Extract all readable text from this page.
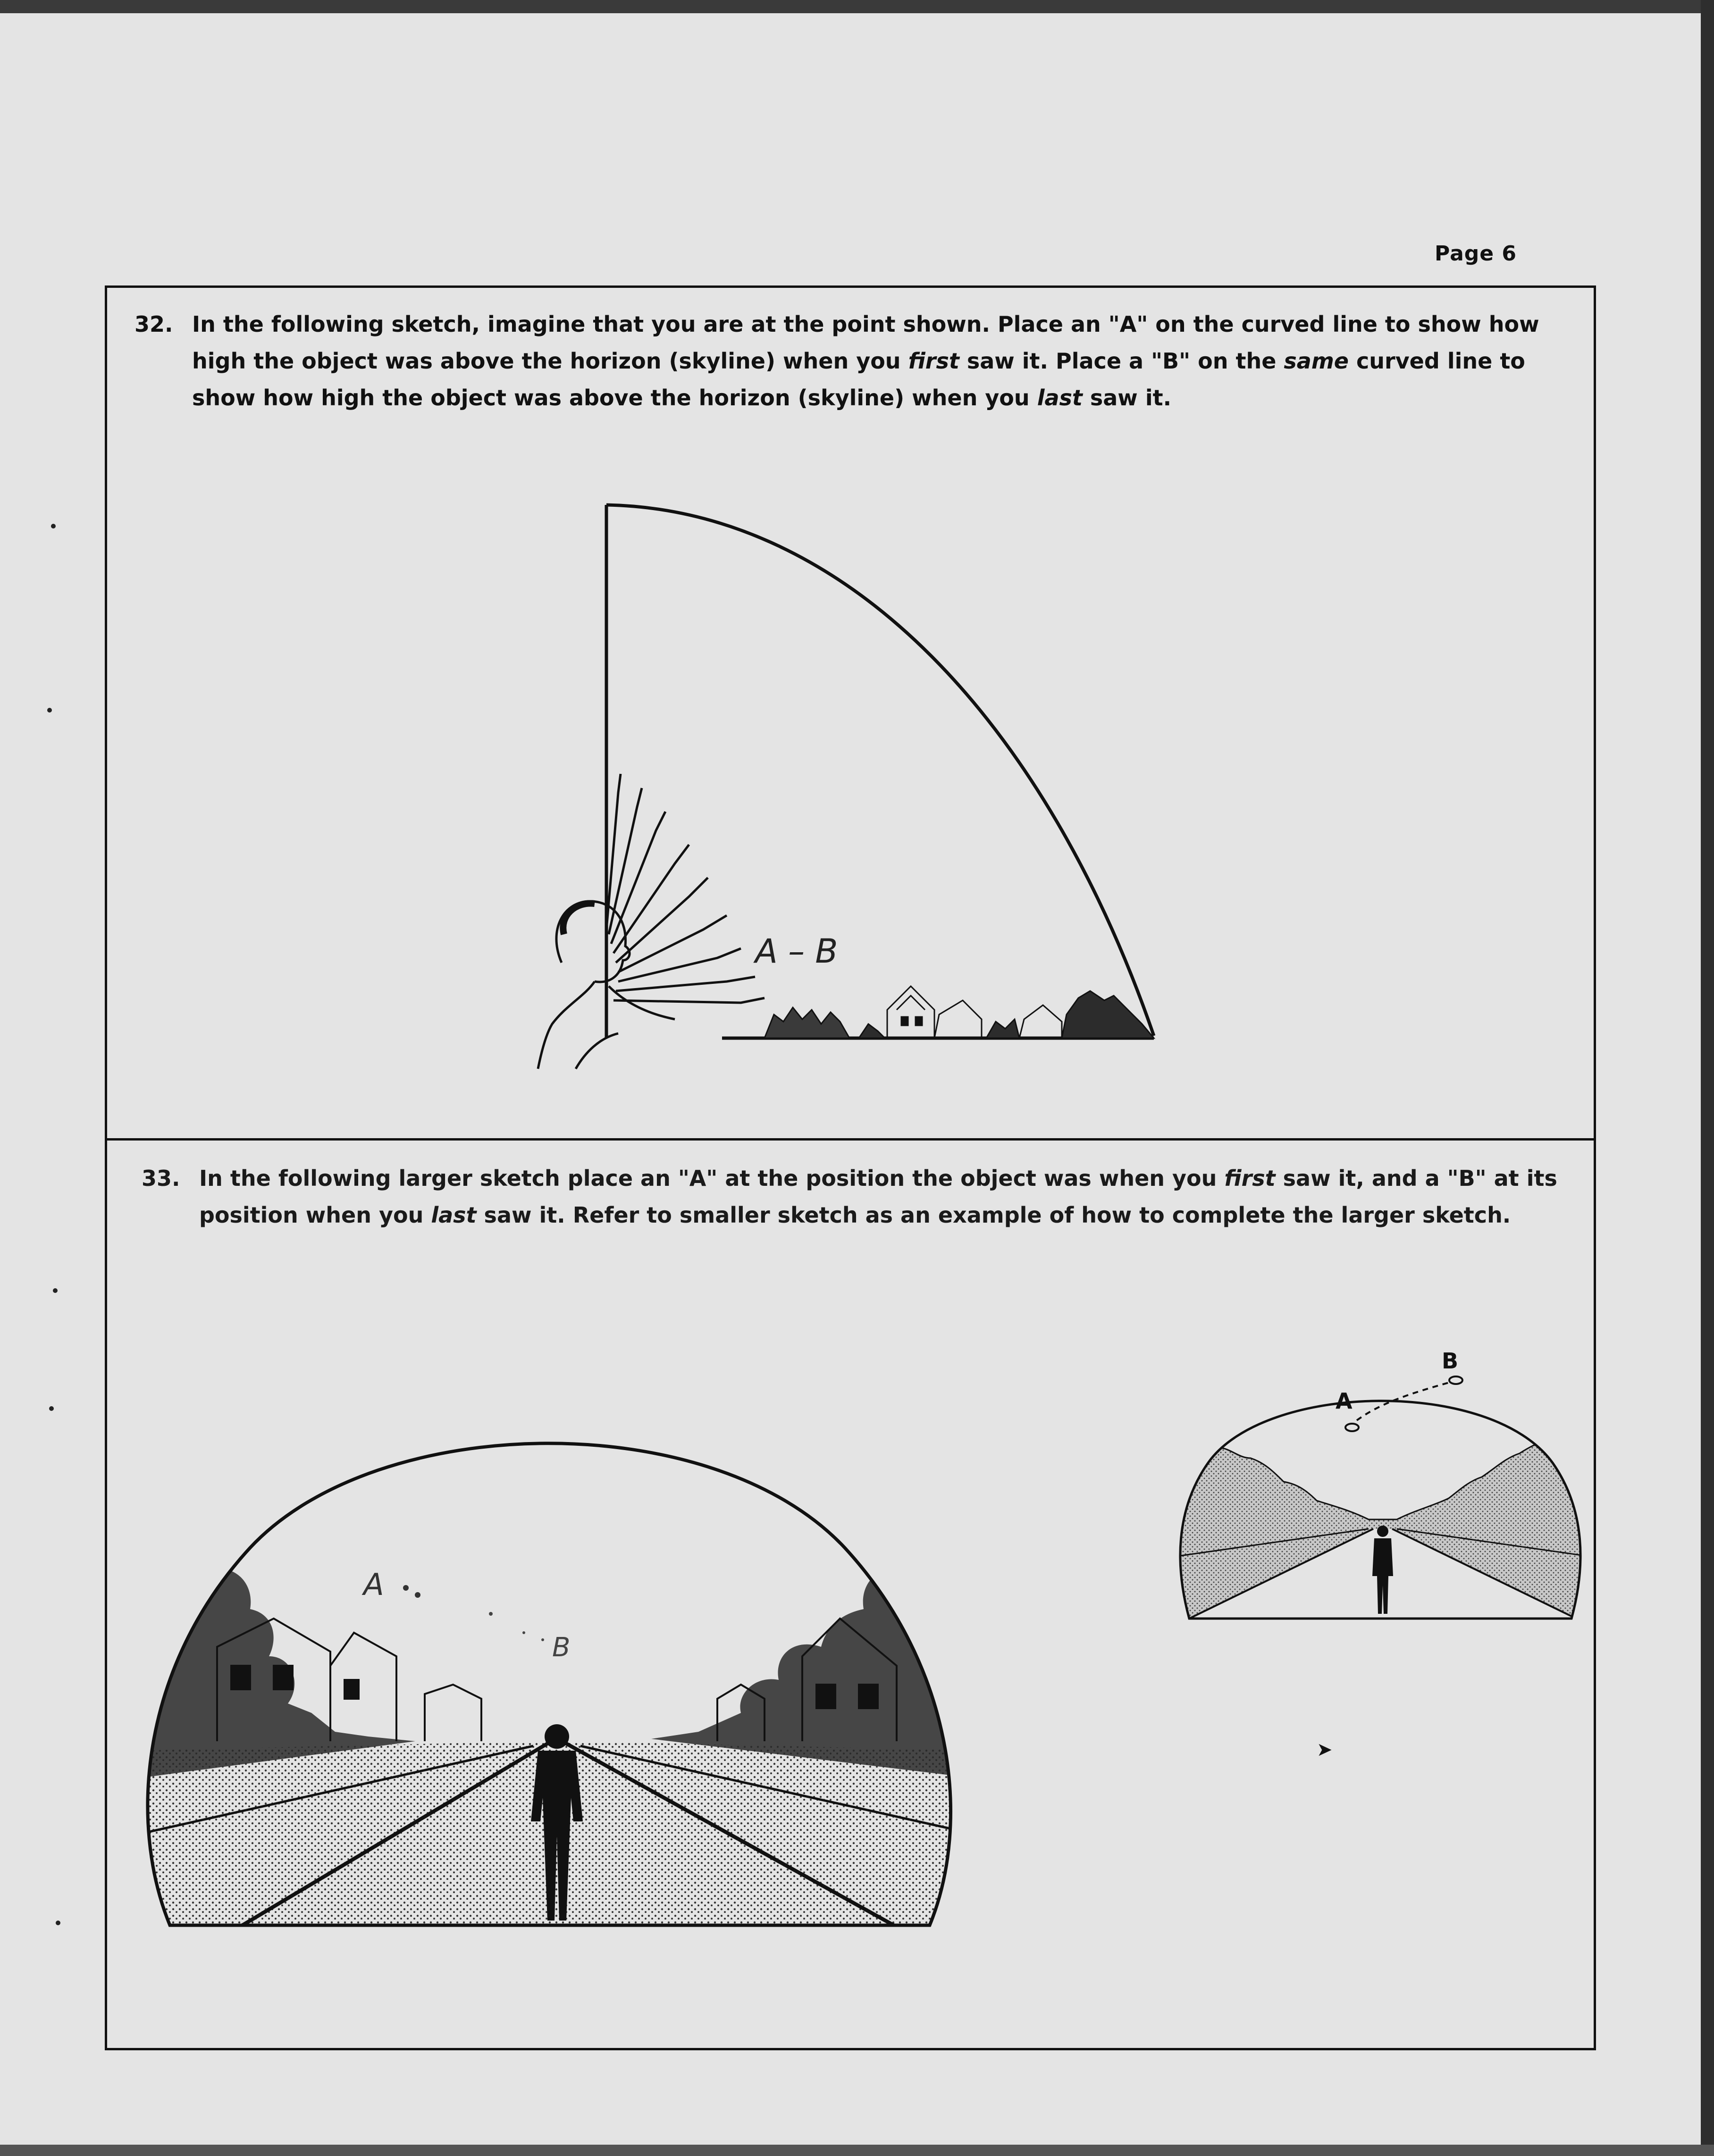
Page 6
32. In the following sketch, imagine that you are at the point shown. Place an "A" on the curved line to show how high the object was above the horizon (skyline) when you first saw it. Place a "B" on the same curved line to show how high the object was above the horizon (skyline) when you last saw it.
A – B
33. In the following larger sketch place an "A" at the position the object was when you first saw it, and a "B" at its position when you last saw it. Refer to smaller sketch as an example of how to complete the larger sketch.
A
B
A
B
➤
